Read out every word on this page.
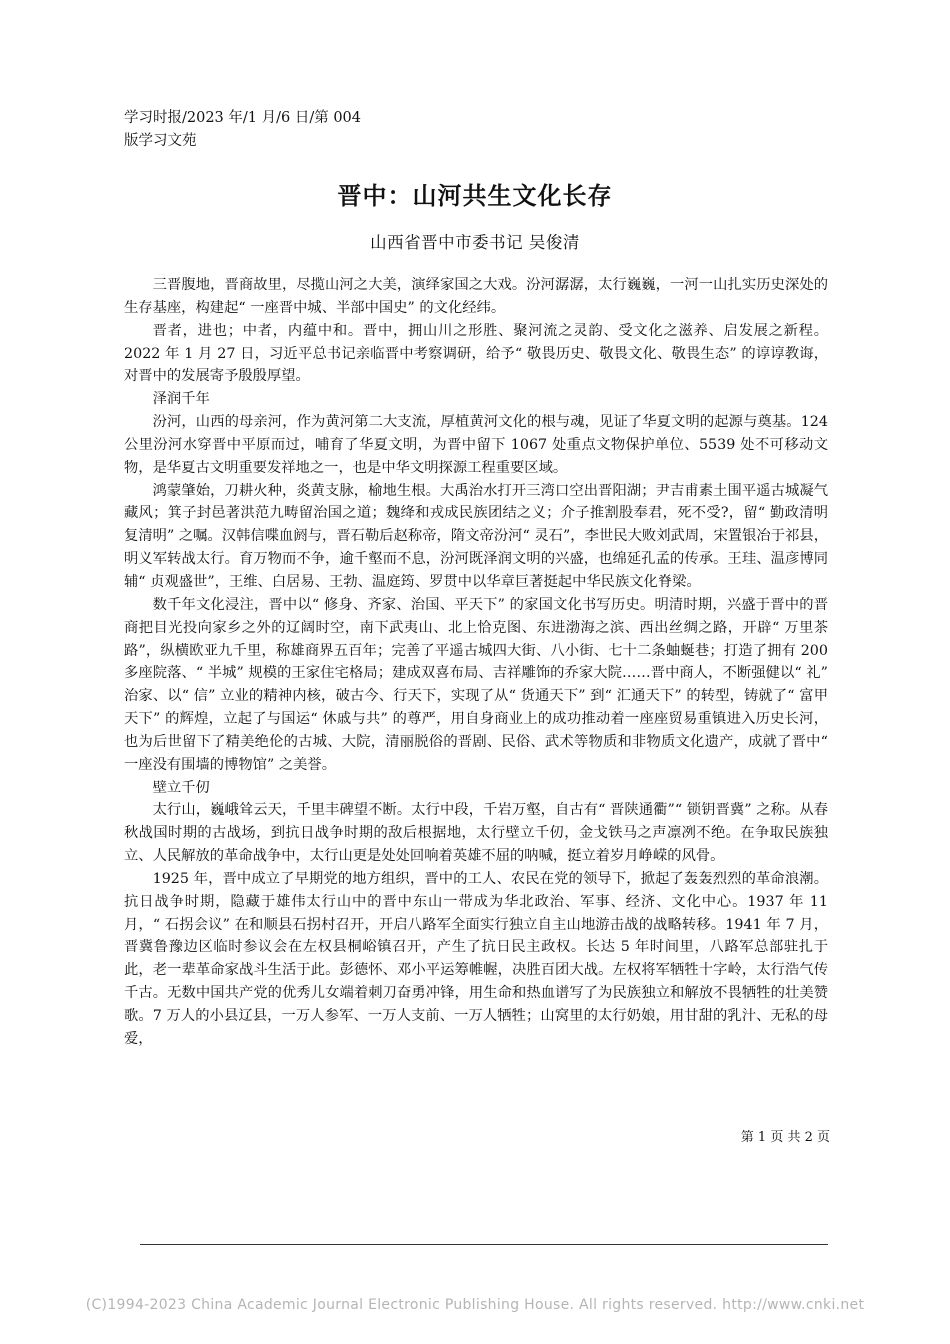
学习时报/2023 年/1 月/6 日/第 004
版学习文苑
晋中：山河共生文化长存
山西省晋中市委书记 吴俊清

三晋腹地，晋商故里，尽揽山河之大美，演绎家国之大戏。汾河潺潺，太行巍巍，一河一山扎实历史深处的生存基座，构建起“ 一座晋中城、半部中国史” 的文化经纬。

晋者，进也；中者，内蕴中和。晋中，拥山川之形胜、聚河流之灵韵、受文化之滋养、启发展之新程。2022 年 1 月 27 日，习近平总书记亲临晋中考察调研，给予“ 敬畏历史、敬畏文化、敬畏生态” 的谆谆教诲，对晋中的发展寄予殷殷厚望。

泽润千年

汾河，山西的母亲河，作为黄河第二大支流，厚植黄河文化的根与魂，见证了华夏文明的起源与奠基。124 公里汾河水穿晋中平原而过，哺育了华夏文明，为晋中留下 1067 处重点文物保护单位、5539 处不可移动文物，是华夏古文明重要发祥地之一，也是中华文明探源工程重要区域。

鸿蒙肇始，刀耕火种，炎黄支脉，榆地生根。大禹治水打开三湾口空出晋阳湖；尹吉甫素土围平遥古城凝气藏风；箕子封邑著洪范九畴留治国之道；魏绛和戎成民族团结之义；介子推割股奉君，死不受?，留“ 勤政清明复清明” 之嘱。汉韩信喋血阏与，晋石勒后赵称帝，隋文帝汾河“ 灵石”，李世民大败刘武周，宋置银冶于祁县，明义军转战太行。育万物而不争，逾千壑而不息，汾河既泽润文明的兴盛，也绵延孔孟的传承。王珪、温彦博同辅“ 贞观盛世”，王维、白居易、王勃、温庭筠、罗贯中以华章巨著挺起中华民族文化脊梁。

数千年文化浸注，晋中以“ 修身、齐家、治国、平天下” 的家国文化书写历史。明清时期，兴盛于晋中的晋商把目光投向家乡之外的辽阔时空，南下武夷山、北上恰克图、东进渤海之滨、西出丝绸之路，开辟“ 万里茶路”，纵横欧亚九千里，称雄商界五百年；完善了平遥古城四大街、八小街、七十二条蚰蜒巷；打造了拥有 200 多座院落、“ 半城” 规模的王家住宅格局；建成双喜布局、吉祥雕饰的乔家大院……晋中商人，不断强健以“ 礼” 治家、以“ 信” 立业的精神内核，破古今、行天下，实现了从“ 货通天下” 到“ 汇通天下” 的转型，铸就了“ 富甲天下” 的辉煌，立起了与国运“ 休戚与共” 的尊严，用自身商业上的成功推动着一座座贸易重镇进入历史长河，也为后世留下了精美绝伦的古城、大院，清丽脱俗的晋剧、民俗、武术等物质和非物质文化遗产，成就了晋中“ 一座没有围墙的博物馆” 之美誉。

壁立千仞

太行山，巍峨耸云天，千里丰碑望不断。太行中段，千岩万壑，自古有“ 晋陕通衢”“ 锁钥晋冀” 之称。从春秋战国时期的古战场，到抗日战争时期的敌后根据地，太行壁立千仞，金戈铁马之声凛冽不绝。在争取民族独立、人民解放的革命战争中，太行山更是处处回响着英雄不屈的呐喊，挺立着岁月峥嵘的风骨。

1925 年，晋中成立了早期党的地方组织，晋中的工人、农民在党的领导下，掀起了轰轰烈烈的革命浪潮。抗日战争时期，隐藏于雄伟太行山中的晋中东山一带成为华北政治、军事、经济、文化中心。1937 年 11 月，“ 石拐会议” 在和顺县石拐村召开，开启八路军全面实行独立自主山地游击战的战略转移。1941 年 7 月，晋冀鲁豫边区临时参议会在左权县桐峪镇召开，产生了抗日民主政权。长达 5 年时间里，八路军总部驻扎于此，老一辈革命家战斗生活于此。彭德怀、邓小平运筹帷幄，决胜百团大战。左权将军牺牲十字岭，太行浩气传千古。无数中国共产党的优秀儿女端着刺刀奋勇冲锋，用生命和热血谱写了为民族独立和解放不畏牺牲的壮美赞歌。7 万人的小县辽县，一万人参军、一万人支前、一万人牺牲；山窝里的太行奶娘，用甘甜的乳汁、无私的母爱，

第 1 页 共 2 页
(C)1994-2023 China Academic Journal Electronic Publishing House. All rights reserved. http://www.cnki.net
